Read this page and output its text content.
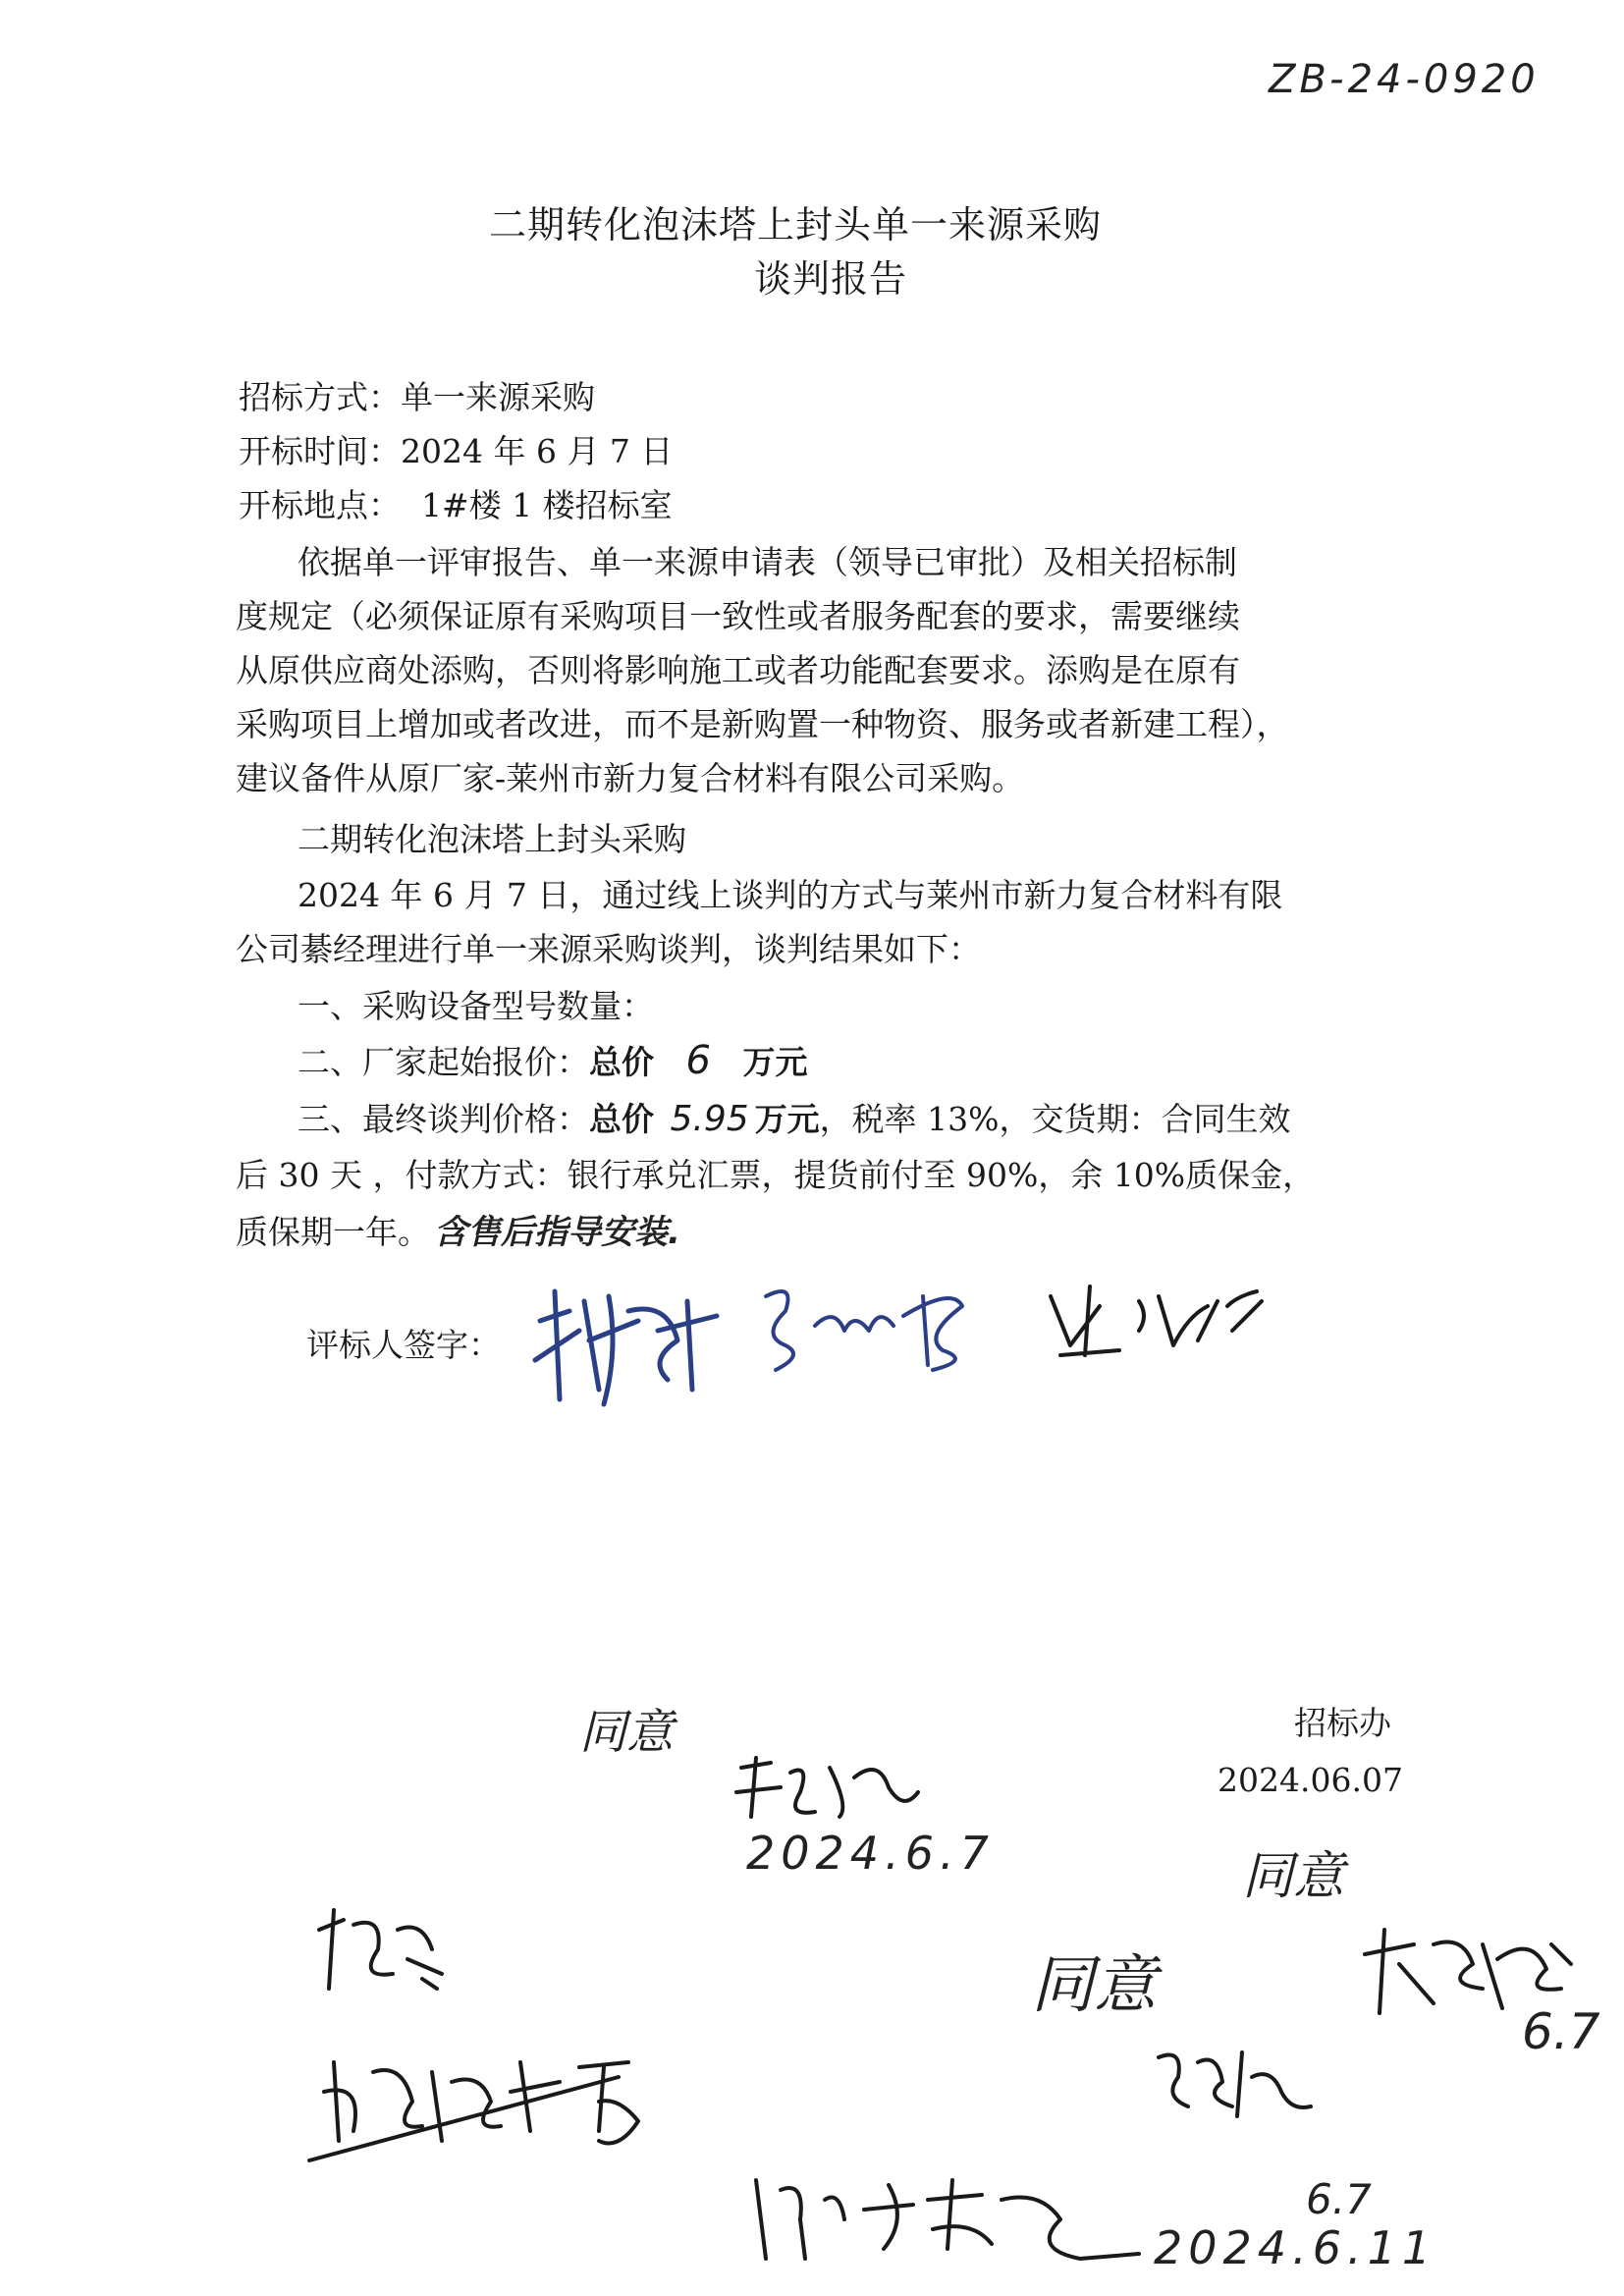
ZB-24-0920
二期转化泡沫塔上封头单一来源采购
谈判报告
招标方式：单一来源采购
开标时间：2024 年 6 月 7 日
开标地点：  1#楼 1 楼招标室
依据单一评审报告、单一来源申请表（领导已审批）及相关招标制
度规定（必须保证原有采购项目一致性或者服务配套的要求，需要继续
从原供应商处添购，否则将影响施工或者功能配套要求。添购是在原有
采购项目上增加或者改进，而不是新购置一种物资、服务或者新建工程），
建议备件从原厂家-莱州市新力复合材料有限公司采购。
二期转化泡沫塔上封头采购
2024 年 6 月 7 日，通过线上谈判的方式与莱州市新力复合材料有限
公司綦经理进行单一来源采购谈判，谈判结果如下：
一、采购设备型号数量：
二、厂家起始报价：总价 6 万元
三、最终谈判价格：总价 5.95 万元，税率 13%，交货期：合同生效
后 30 天 ，付款方式：银行承兑汇票，提货前付至 90%，余 10%质保金，
质保期一年。 含售后指导安装.
评标人签字：
招标办
2024.06.07
同意
2024.6.7
同意
同意
6.7
6.7
2024.6.11
